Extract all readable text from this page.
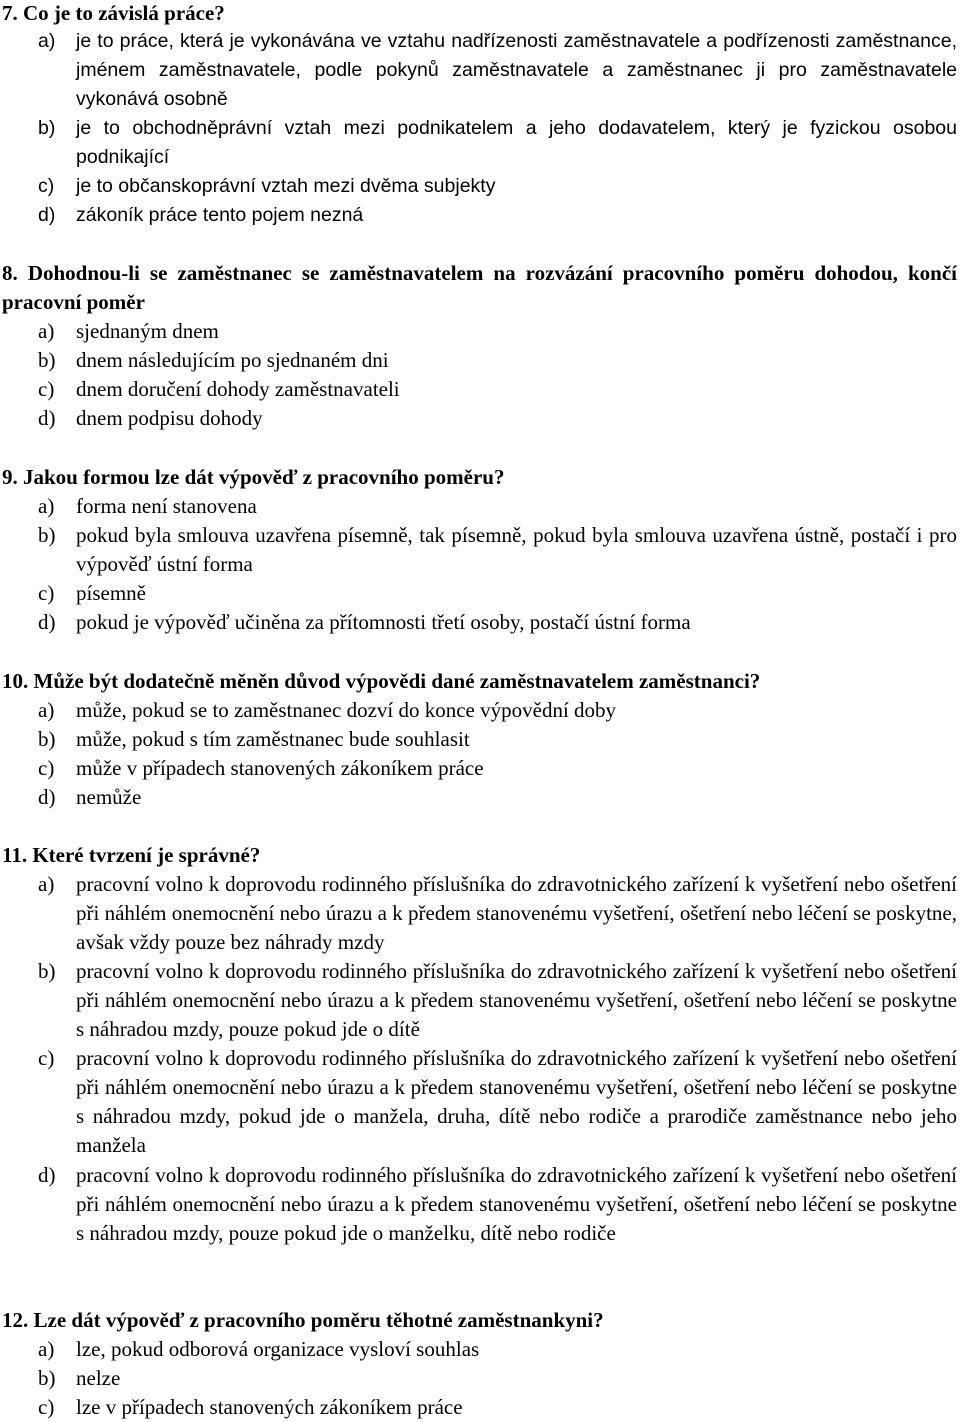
7. Co je to závislá práce?
a) je to práce, která je vykonávána ve vztahu nadřízenosti zaměstnavatele a podřízenosti zaměstnance, jménem zaměstnavatele, podle pokynů zaměstnavatele a zaměstnanec ji pro zaměstnavatele vykonává osobně
b) je to obchodněprávní vztah mezi podnikatelem a jeho dodavatelem, který je fyzickou osobou podnikající
c) je to občanskoprávní vztah mezi dvěma subjekty
d) zákoník práce tento pojem nezná
8. Dohodnou-li se zaměstnanec se zaměstnavatelem na rozvázání pracovního poměru dohodou, končí pracovní poměr
a) sjednaným dnem
b) dnem následujícím po sjednaném dni
c) dnem doručení dohody zaměstnavateli
d) dnem podpisu dohody
9. Jakou formou lze dát výpověď z pracovního poměru?
a) forma není stanovena
b) pokud byla smlouva uzavřena písemně, tak písemně, pokud byla smlouva uzavřena ústně, postačí i pro výpověď ústní forma
c) písemně
d) pokud je výpověď učiněna za přítomnosti třetí osoby, postačí ústní forma
10. Může být dodatečně měněn důvod výpovědi dané zaměstnavatelem zaměstnanci?
a) může, pokud se to zaměstnanec dozví do konce výpovědní doby
b) může, pokud s tím zaměstnanec bude souhlasit
c) může v případech stanovených zákoníkem práce
d) nemůže
11. Které tvrzení je správné?
a) pracovní volno k doprovodu rodinného příslušníka do zdravotnického zařízení k vyšetření nebo ošetření při náhlém onemocnění nebo úrazu a k předem stanovenému vyšetření, ošetření nebo léčení se poskytne, avšak vždy pouze bez náhrady mzdy
b) pracovní volno k doprovodu rodinného příslušníka do zdravotnického zařízení k vyšetření nebo ošetření při náhlém onemocnění nebo úrazu a k předem stanovenému vyšetření, ošetření nebo léčení se poskytne s náhradou mzdy, pouze pokud jde o dítě
c) pracovní volno k doprovodu rodinného příslušníka do zdravotnického zařízení k vyšetření nebo ošetření při náhlém onemocnění nebo úrazu a k předem stanovenému vyšetření, ošetření nebo léčení se poskytne s náhradou mzdy, pokud jde o manžela, druha, dítě nebo rodiče a prarodiče zaměstnance nebo jeho manžela
d) pracovní volno k doprovodu rodinného příslušníka do zdravotnického zařízení k vyšetření nebo ošetření při náhlém onemocnění nebo úrazu a k předem stanovenému vyšetření, ošetření nebo léčení se poskytne s náhradou mzdy, pouze pokud jde o manželku, dítě nebo rodiče
12. Lze dát výpověď z pracovního poměru těhotné zaměstnankyni?
a) lze, pokud odborová organizace vysloví souhlas
b) nelze
c) lze v případech stanovených zákoníkem práce
